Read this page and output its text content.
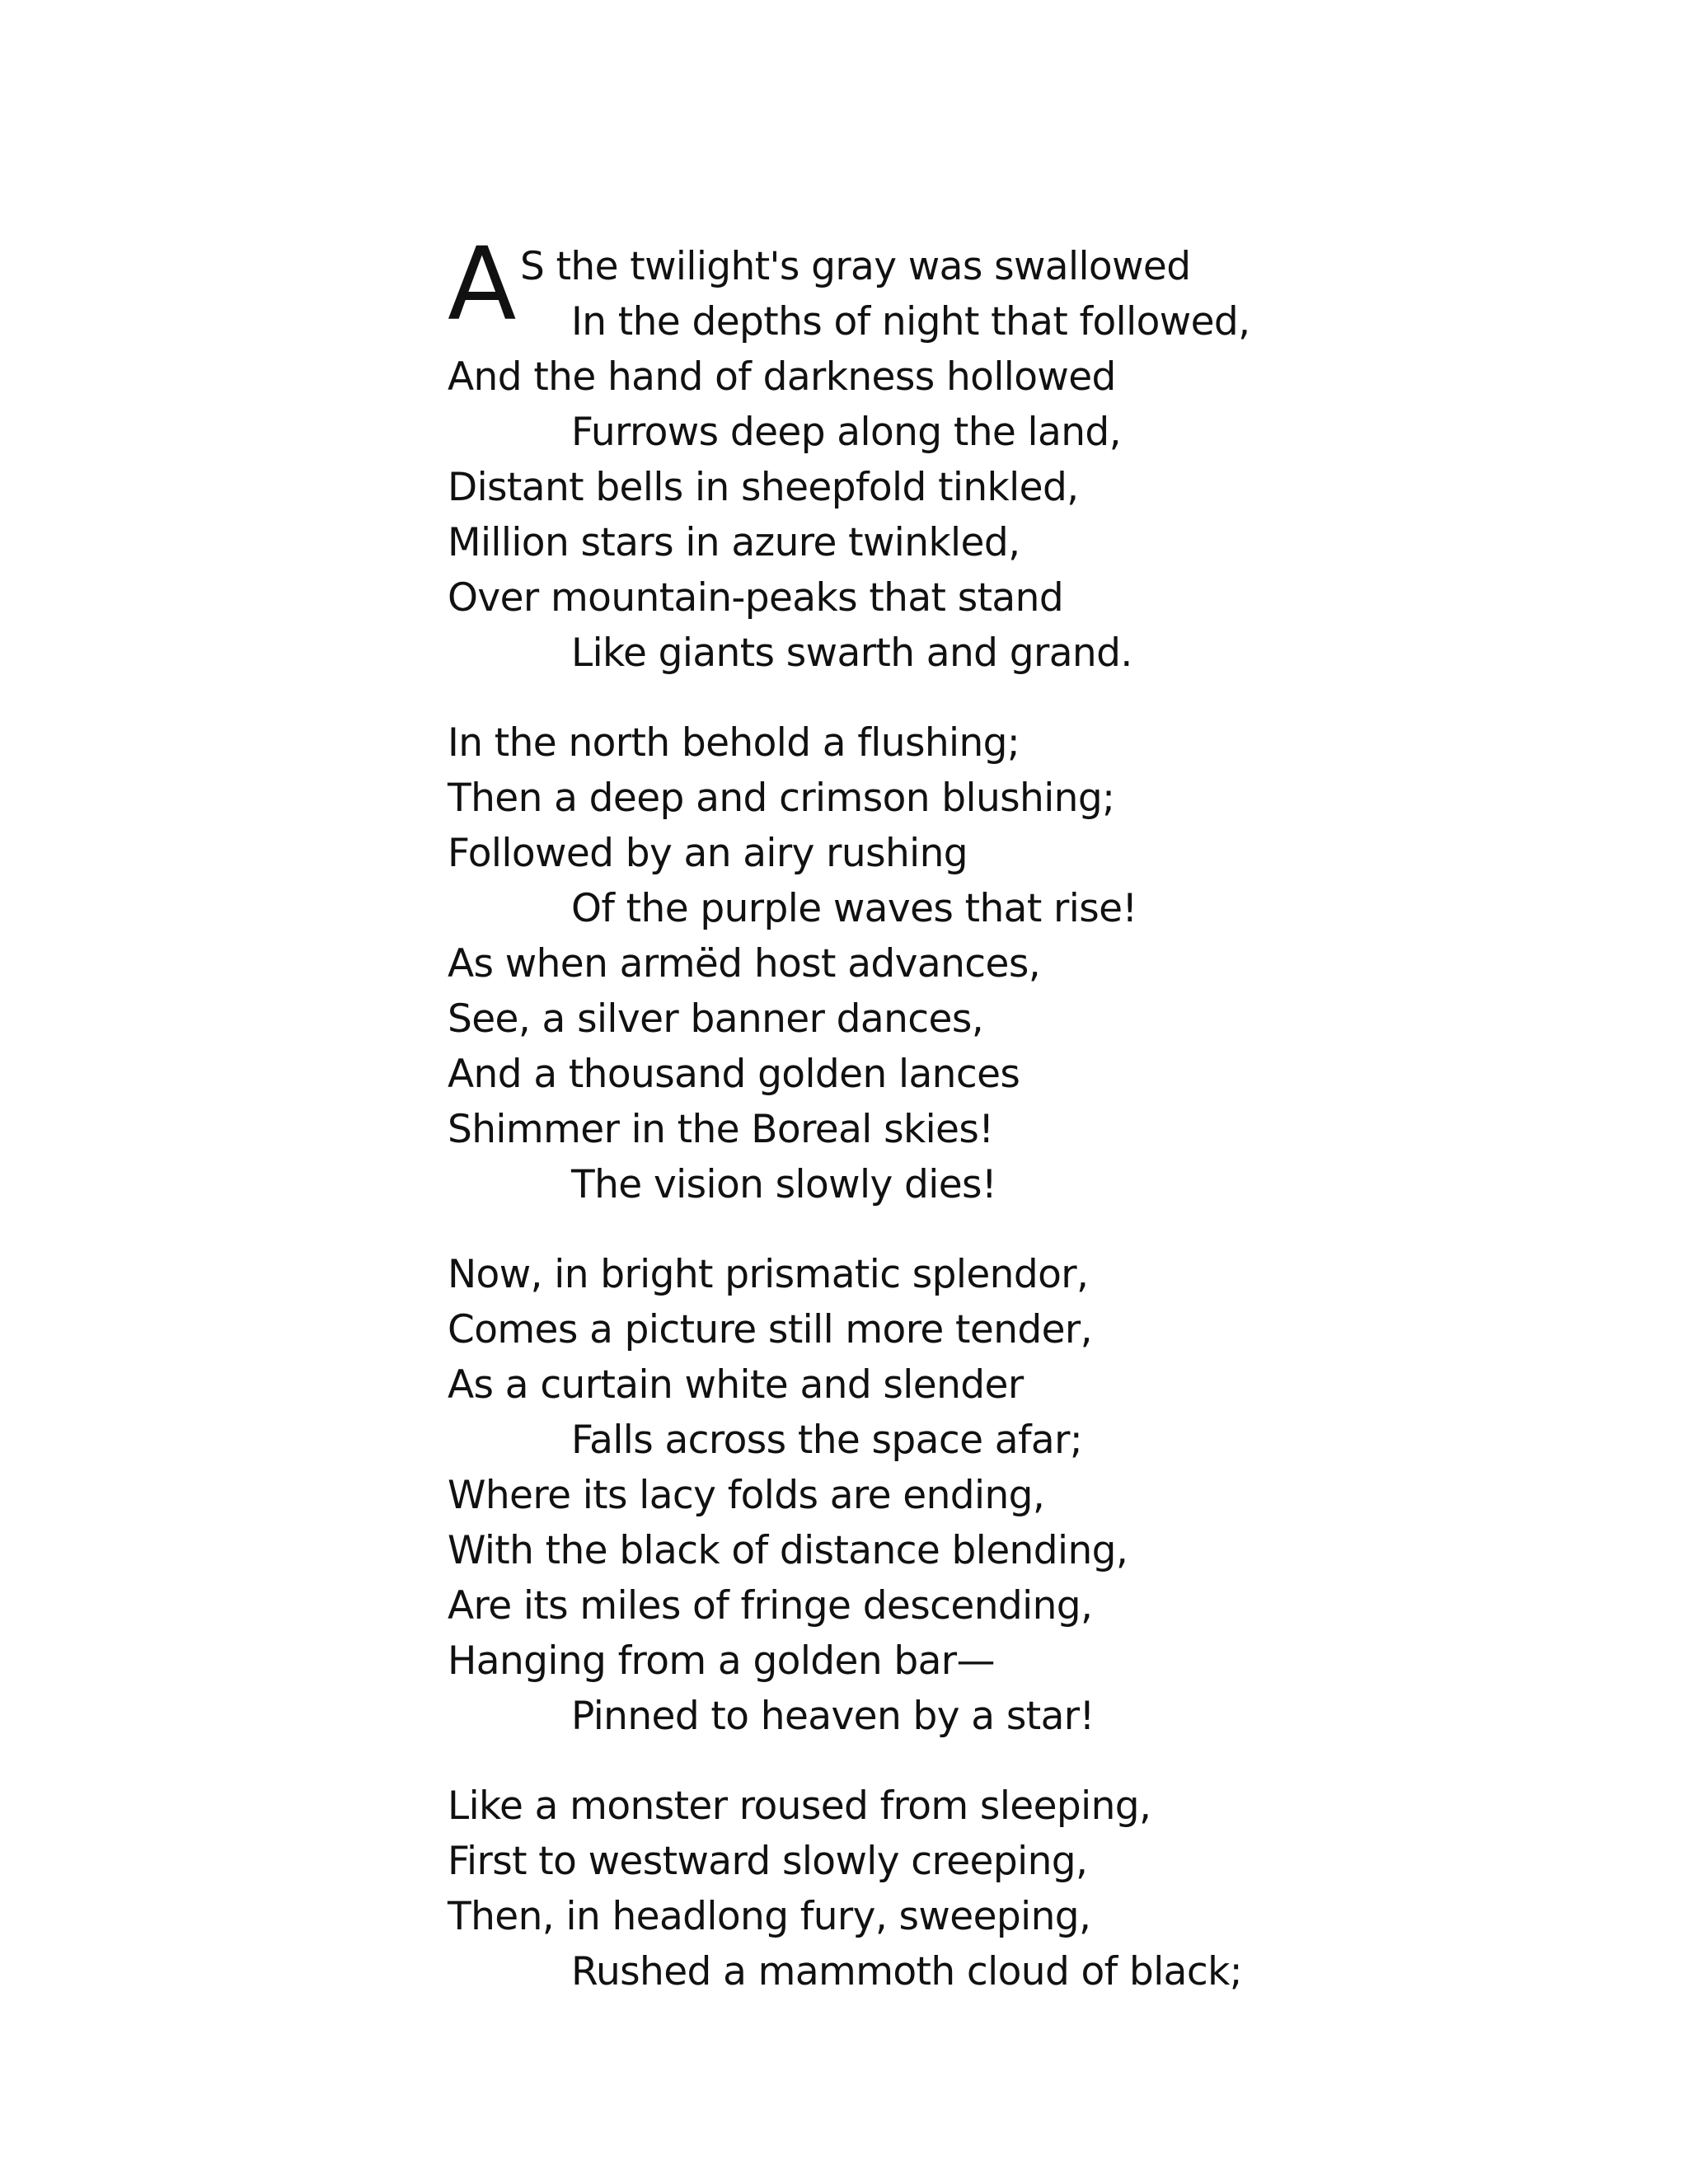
A S the twilight's gray was swallowed
In the depths of night that followed,
And the hand of darkness hollowed
Furrows deep along the land,
Distant bells in sheepfold tinkled,
Million stars in azure twinkled,
Over mountain-peaks that stand
Like giants swarth and grand.
In the north behold a flushing;
Then a deep and crimson blushing;
Followed by an airy rushing
Of the purple waves that rise!
As when armëd host advances,
See, a silver banner dances,
And a thousand golden lances
Shimmer in the Boreal skies!
The vision slowly dies!
Now, in bright prismatic splendor,
Comes a picture still more tender,
As a curtain white and slender
Falls across the space afar;
Where its lacy folds are ending,
With the black of distance blending,
Are its miles of fringe descending,
Hanging from a golden bar—
Pinned to heaven by a star!
Like a monster roused from sleeping,
First to westward slowly creeping,
Then, in headlong fury, sweeping,
Rushed a mammoth cloud of black;
